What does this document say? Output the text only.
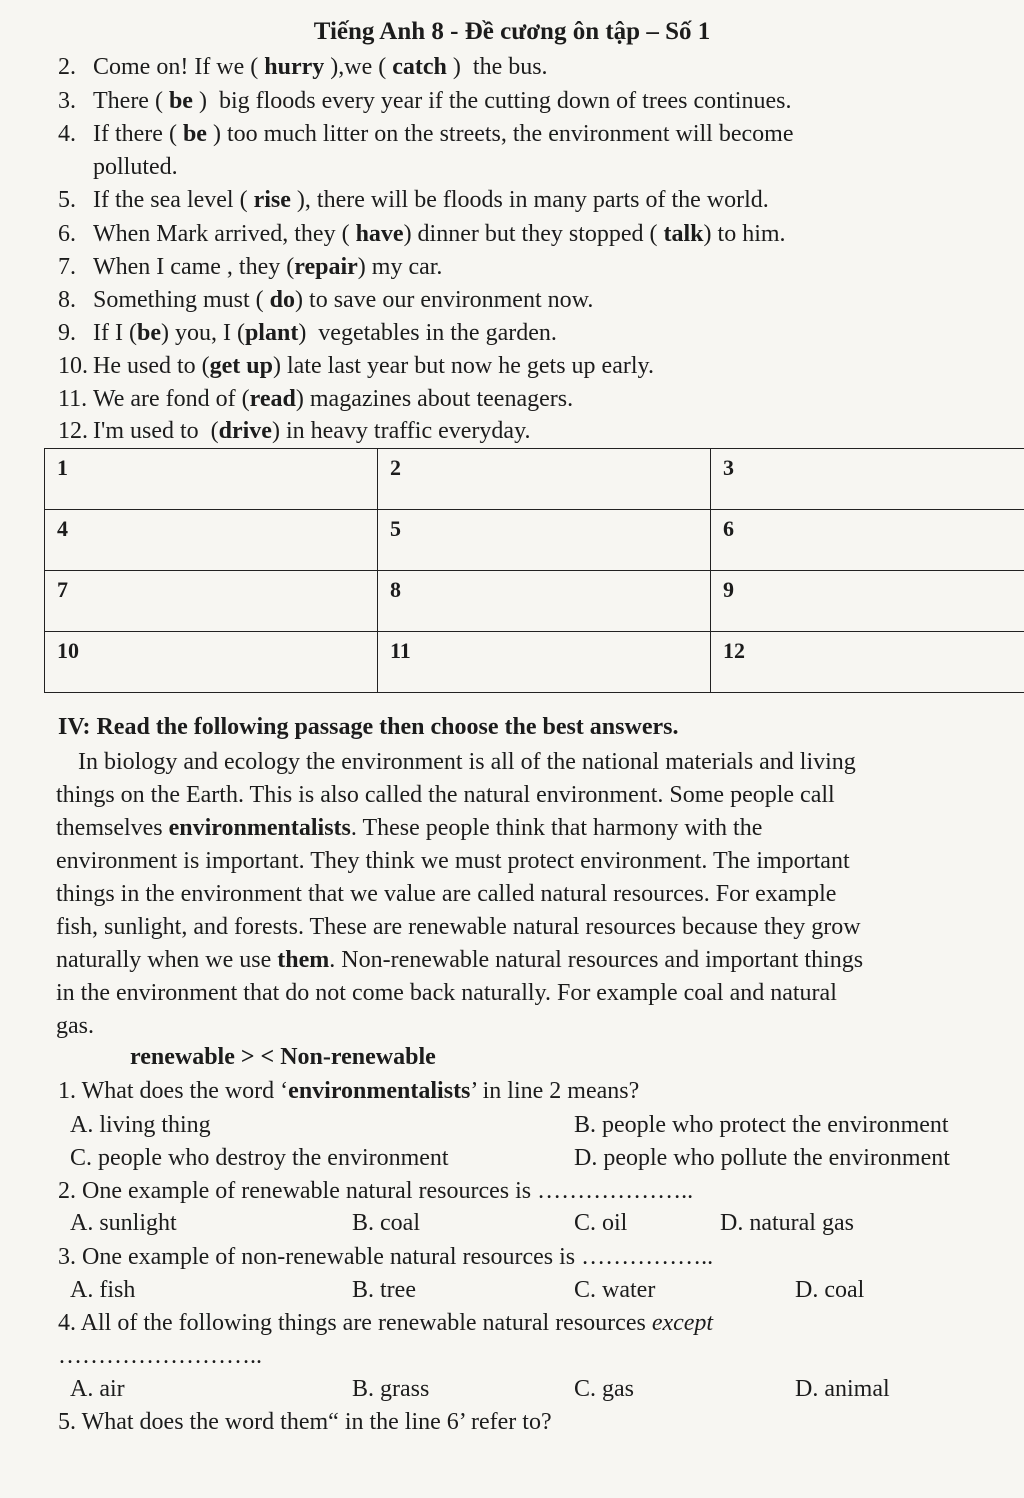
Tiếng Anh 8 - Đề cương ôn tập – Số 1
2. Come on! If we ( hurry ),we ( catch )  the bus.
3. There ( be )  big floods every year if the cutting down of trees continues.
4. If there ( be ) too much litter on the streets, the environment will become
polluted.
5. If the sea level ( rise ), there will be floods in many parts of the world.
6. When Mark arrived, they ( have) dinner but they stopped ( talk) to him.
7. When I came , they (repair) my car.
8. Something must ( do) to save our environment now.
9. If I (be) you, I (plant)  vegetables in the garden.
10. He used to (get up) late last year but now he gets up early.
11. We are fond of (read) magazines about teenagers.
12. I'm used to  (drive) in heavy traffic everyday.
1	2	3
4	5	6
7	8	9
10	11	12
IV: Read the following passage then choose the best answers.
In biology and ecology the environment is all of the national materials and living
things on the Earth. This is also called the natural environment. Some people call
themselves environmentalists. These people think that harmony with the
environment is important. They think we must protect environment. The important
things in the environment that we value are called natural resources. For example
fish, sunlight, and forests. These are renewable natural resources because they grow
naturally when we use them. Non-renewable natural resources and important things
in the environment that do not come back naturally. For example coal and natural
gas.
renewable > < Non-renewable
1. What does the word ‘environmentalists’ in line 2 means?
A. living thing	B. people who protect the environment
C. people who destroy the environment	D. people who pollute the environment
2. One example of renewable natural resources is ………………..
A. sunlight	B. coal	C. oil	D. natural gas
3. One example of non-renewable natural resources is ……………..
A. fish	B. tree	C. water	D. coal
4. All of the following things are renewable natural resources except
……………………..
A. air	B. grass	C. gas	D. animal
5. What does the word them“ in the line 6’ refer to?
